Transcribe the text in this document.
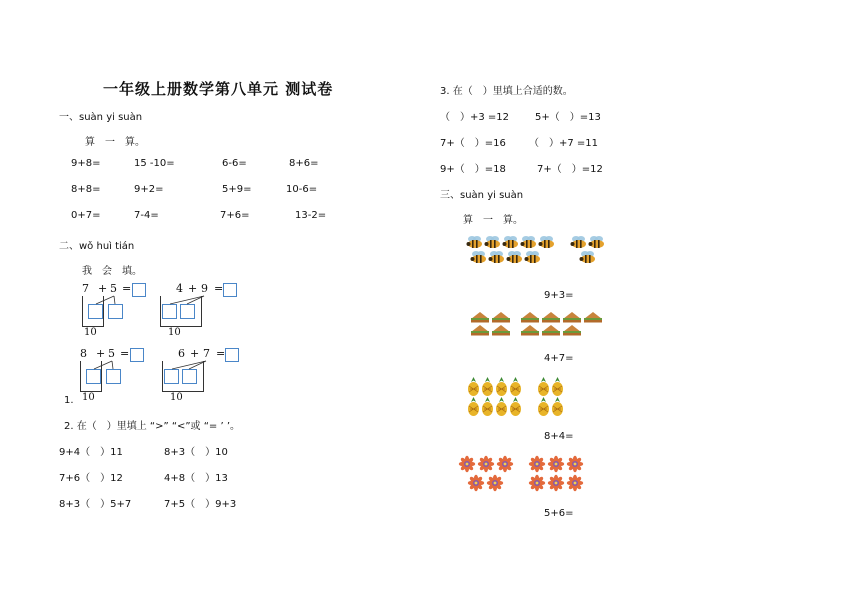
一年级上册数学第八单元 测试卷
一、suàn yi suàn
算　一　算。
9+8=	15 -10=	6-6=	8+6=
8+8=	9+2=	5+9=	10-6=
0+7=	7-4=	7+6=	13-2=
二、wǒ huì tián
我　会　填。
7 + 5 =
10
4 + 9 =
10
8 + 5 =
10
6 + 7 =
10
1.
2. 在（　）里填上 “>” “<”或 “= ’ ’。
9+4（　）11	8+3（　）10
7+6（　）12	4+8（　）13
8+3（　）5+7	7+5（　）9+3
3. 在（　）里填上合适的数。
（　）+3 =12	5+（　）=13
7+（　）=16 （　）+7 =11
9+（　）=18	7+（　）=12
三、suàn yi suàn
算　一　算。
9+3=
4+7=
8+4=
5+6=
